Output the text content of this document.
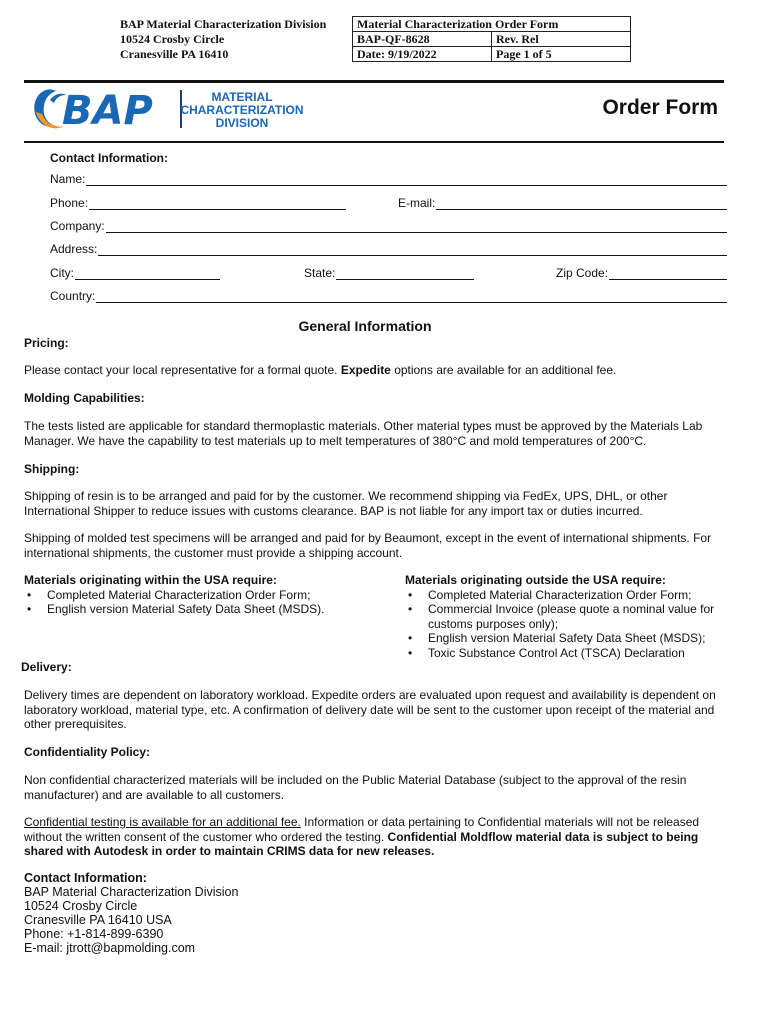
BAP Material Characterization Division	Material Characterization Order Form	
10524 Crosby Circle	BAP-QF-8628	Rev. Rel
Cranesville PA 16410	Date: 9/19/2022	Page 1 of 5
BAP	MATERIAL
CHARACTERIZATION
DIVISION
Order Form
Contact Information:
Name:
Phone:	E-mail:
Company:
Address:
City:	State:	Zip Code:
Country:
General Information
Pricing:
Please contact your local representative for a formal quote. Expedite options are available for an additional fee.
Molding Capabilities:
The tests listed are applicable for standard thermoplastic materials. Other material types must be approved by the Materials Lab Manager. We have the capability to test materials up to melt temperatures of 380°C and mold temperatures of 200°C.
Shipping:
Shipping of resin is to be arranged and paid for by the customer. We recommend shipping via FedEx, UPS, DHL, or other International Shipper to reduce issues with customs clearance. BAP is not liable for any import tax or duties incurred.
Shipping of molded test specimens will be arranged and paid for by Beaumont, except in the event of international shipments. For international shipments, the customer must provide a shipping account.
Materials originating within the USA require:
•	Completed Material Characterization Order Form;
•	English version Material Safety Data Sheet (MSDS).
Materials originating outside the USA require:
•	Completed Material Characterization Order Form;
•	Commercial Invoice (please quote a nominal value for customs purposes only);
•	English version Material Safety Data Sheet (MSDS);
•	Toxic Substance Control Act (TSCA) Declaration
Delivery:
Delivery times are dependent on laboratory workload. Expedite orders are evaluated upon request and availability is dependent on laboratory workload, material type, etc. A confirmation of delivery date will be sent to the customer upon receipt of the material and other prerequisites.
Confidentiality Policy:
Non confidential characterized materials will be included on the Public Material Database (subject to the approval of the resin manufacturer) and are available to all customers.
Confidential testing is available for an additional fee. Information or data pertaining to Confidential materials will not be released without the written consent of the customer who ordered the testing. Confidential Moldflow material data is subject to being shared with Autodesk in order to maintain CRIMS data for new releases.
Contact Information:
BAP Material Characterization Division
10524 Crosby Circle
Cranesville PA 16410 USA
Phone: +1-814-899-6390
E-mail: jtrott@bapmolding.com
